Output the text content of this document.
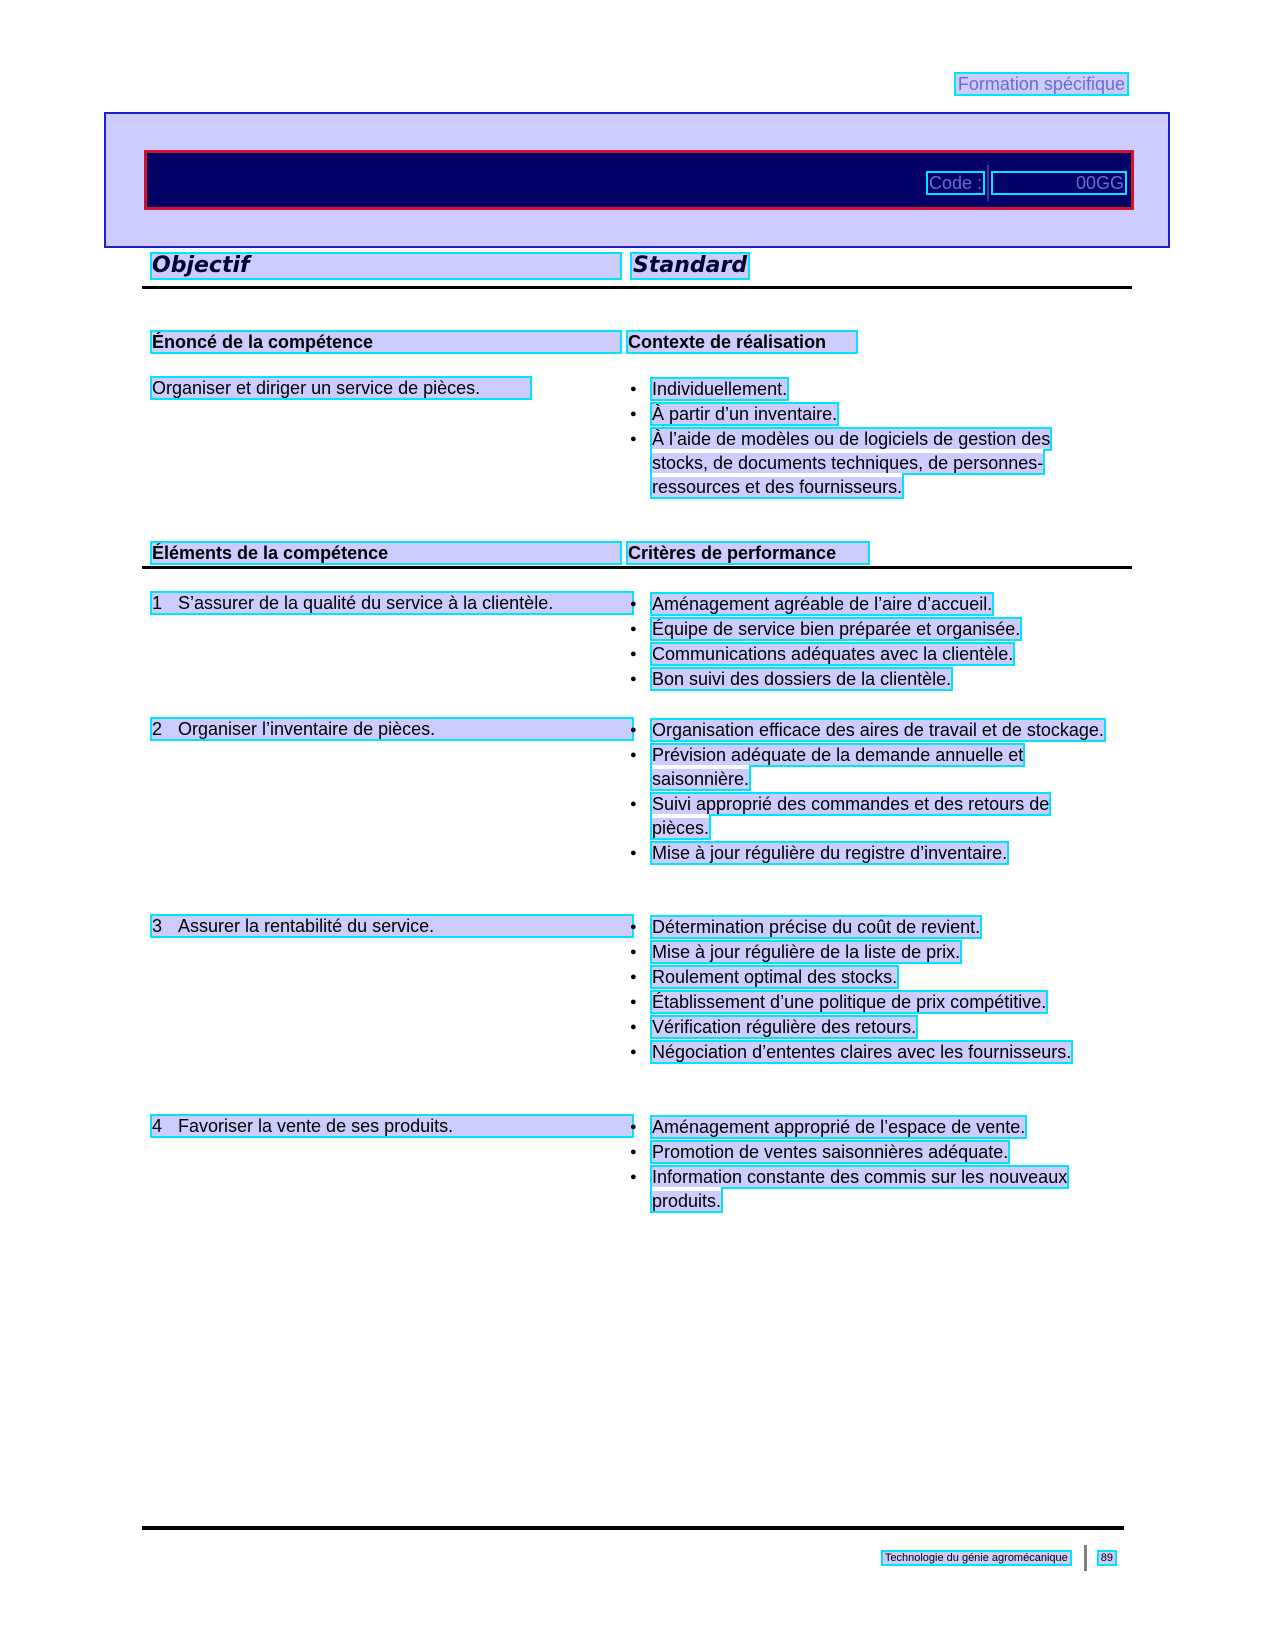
Formation spécifique
Code :	00GG
Objectif	Standard
Énoncé de la compétence	Contexte de réalisation
Organiser et diriger un service de pièces.	● Individuellement.
● À partir d’un inventaire.
● À l’aide de modèles ou de logiciels de gestion des stocks, de documents techniques, de personnes-ressources et des fournisseurs.
Éléments de la compétence	Critères de performance
1 S’assurer de la qualité du service à la clientèle.	● Aménagement agréable de l’aire d’accueil.
● Équipe de service bien préparée et organisée.
● Communications adéquates avec la clientèle.
● Bon suivi des dossiers de la clientèle.
2 Organiser l’inventaire de pièces.	● Organisation efficace des aires de travail et de stockage.
● Prévision adéquate de la demande annuelle et saisonnière.
● Suivi approprié des commandes et des retours de pièces.
● Mise à jour régulière du registre d’inventaire.
3 Assurer la rentabilité du service.	● Détermination précise du coût de revient.
● Mise à jour régulière de la liste de prix.
● Roulement optimal des stocks.
● Établissement d’une politique de prix compétitive.
● Vérification régulière des retours.
● Négociation d’ententes claires avec les fournisseurs.
4 Favoriser la vente de ses produits.	● Aménagement approprié de l’espace de vente.
● Promotion de ventes saisonnières adéquate.
● Information constante des commis sur les nouveaux produits.
Technologie du génie agromécanique	89
